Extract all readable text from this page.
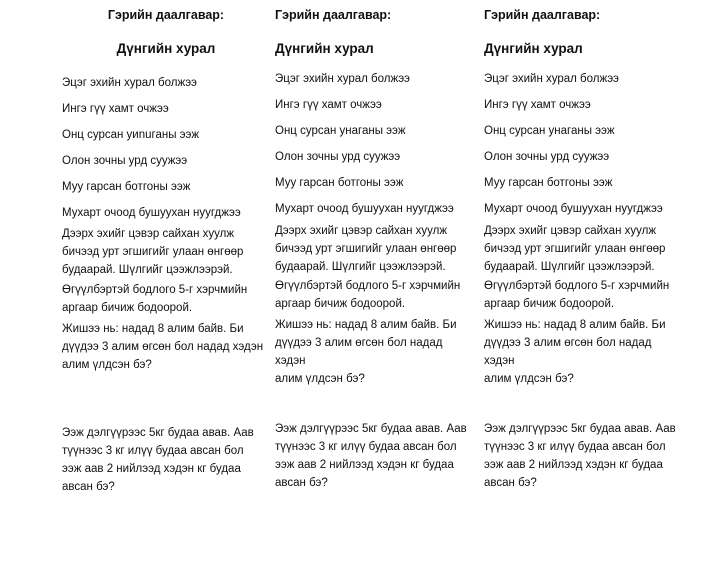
Гэрийн даалгавар:
Дүнгийн хурал
Эцэг эхийн хурал болжээ
Ингэ гүү хамт очжээ
Онц сурсан уиnuганы ээж
Олон зочны урд суужээ
Муу гарсан ботгоны ээж
Мухарт очоод бушуухан нуугджээ
Дээрх эхийг цэвэр сайхан хуулж
бичээд урт эгшигийг улаан өнгөөр
будаарай. Шүлгийг цээжлээрэй.
Өгүүлбэртэй бодлого 5-г хэрчмийн
аргаар бичиж бодоорой.
Жишээ нь: надад 8 алим байв. Би
дүүдээ 3 алим өгсөн бол надад хэдэн
алим үлдсэн бэ?
Ээж дэлгүүрээс 5кг будаа авав. Аав
түүнээс 3 кг илүү будаа авсан бол
ээж аав 2 нийлээд хэдэн кг будаа
авсан бэ?
Гэрийн даалгавар:
Дүнгийн хурал
Эцэг эхийн хурал болжээ
Ингэ гүү хамт очжээ
Онц сурсан унаганы ээж
Олон зочны урд суужээ
Муу гарсан ботгоны ээж
Мухарт очоод бушуухан нуугджээ
Дээрх эхийг цэвэр сайхан хуулж
бичээд урт эгшигийг улаан өнгөөр
будаарай. Шүлгийг цээжлээрэй.
Өгүүлбэртэй бодлого 5-г хэрчмийн
аргаар бичиж бодоорой.
Жишээ нь: надад 8 алим байв. Би
дүүдээ 3 алим өгсөн бол надад хэдэн
алим үлдсэн бэ?
Ээж дэлгүүрээс 5кг будаа авав. Аав
түүнээс 3 кг илүү будаа авсан бол
ээж аав 2 нийлээд хэдэн кг будаа
авсан бэ?
Гэрийн даалгавар:
Дүнгийн хурал
Эцэг эхийн хурал болжээ
Ингэ гүү хамт очжээ
Онц сурсан унаганы ээж
Олон зочны урд суужээ
Муу гарсан ботгоны ээж
Мухарт очоод бушуухан нуугджээ
Дээрх эхийг цэвэр сайхан хуулж
бичээд урт эгшигийг улаан өнгөөр
будаарай. Шүлгийг цээжлээрэй.
Өгүүлбэртэй бодлого 5-г хэрчмийн
аргаар бичиж бодоорой.
Жишээ нь: надад 8 алим байв. Би
дүүдээ 3 алим өгсөн бол надад хэдэн
алим үлдсэн бэ?
Ээж дэлгүүрээс 5кг будаа авав. Аав
түүнээс 3 кг илүү будаа авсан бол
ээж аав 2 нийлээд хэдэн кг будаа
авсан бэ?
